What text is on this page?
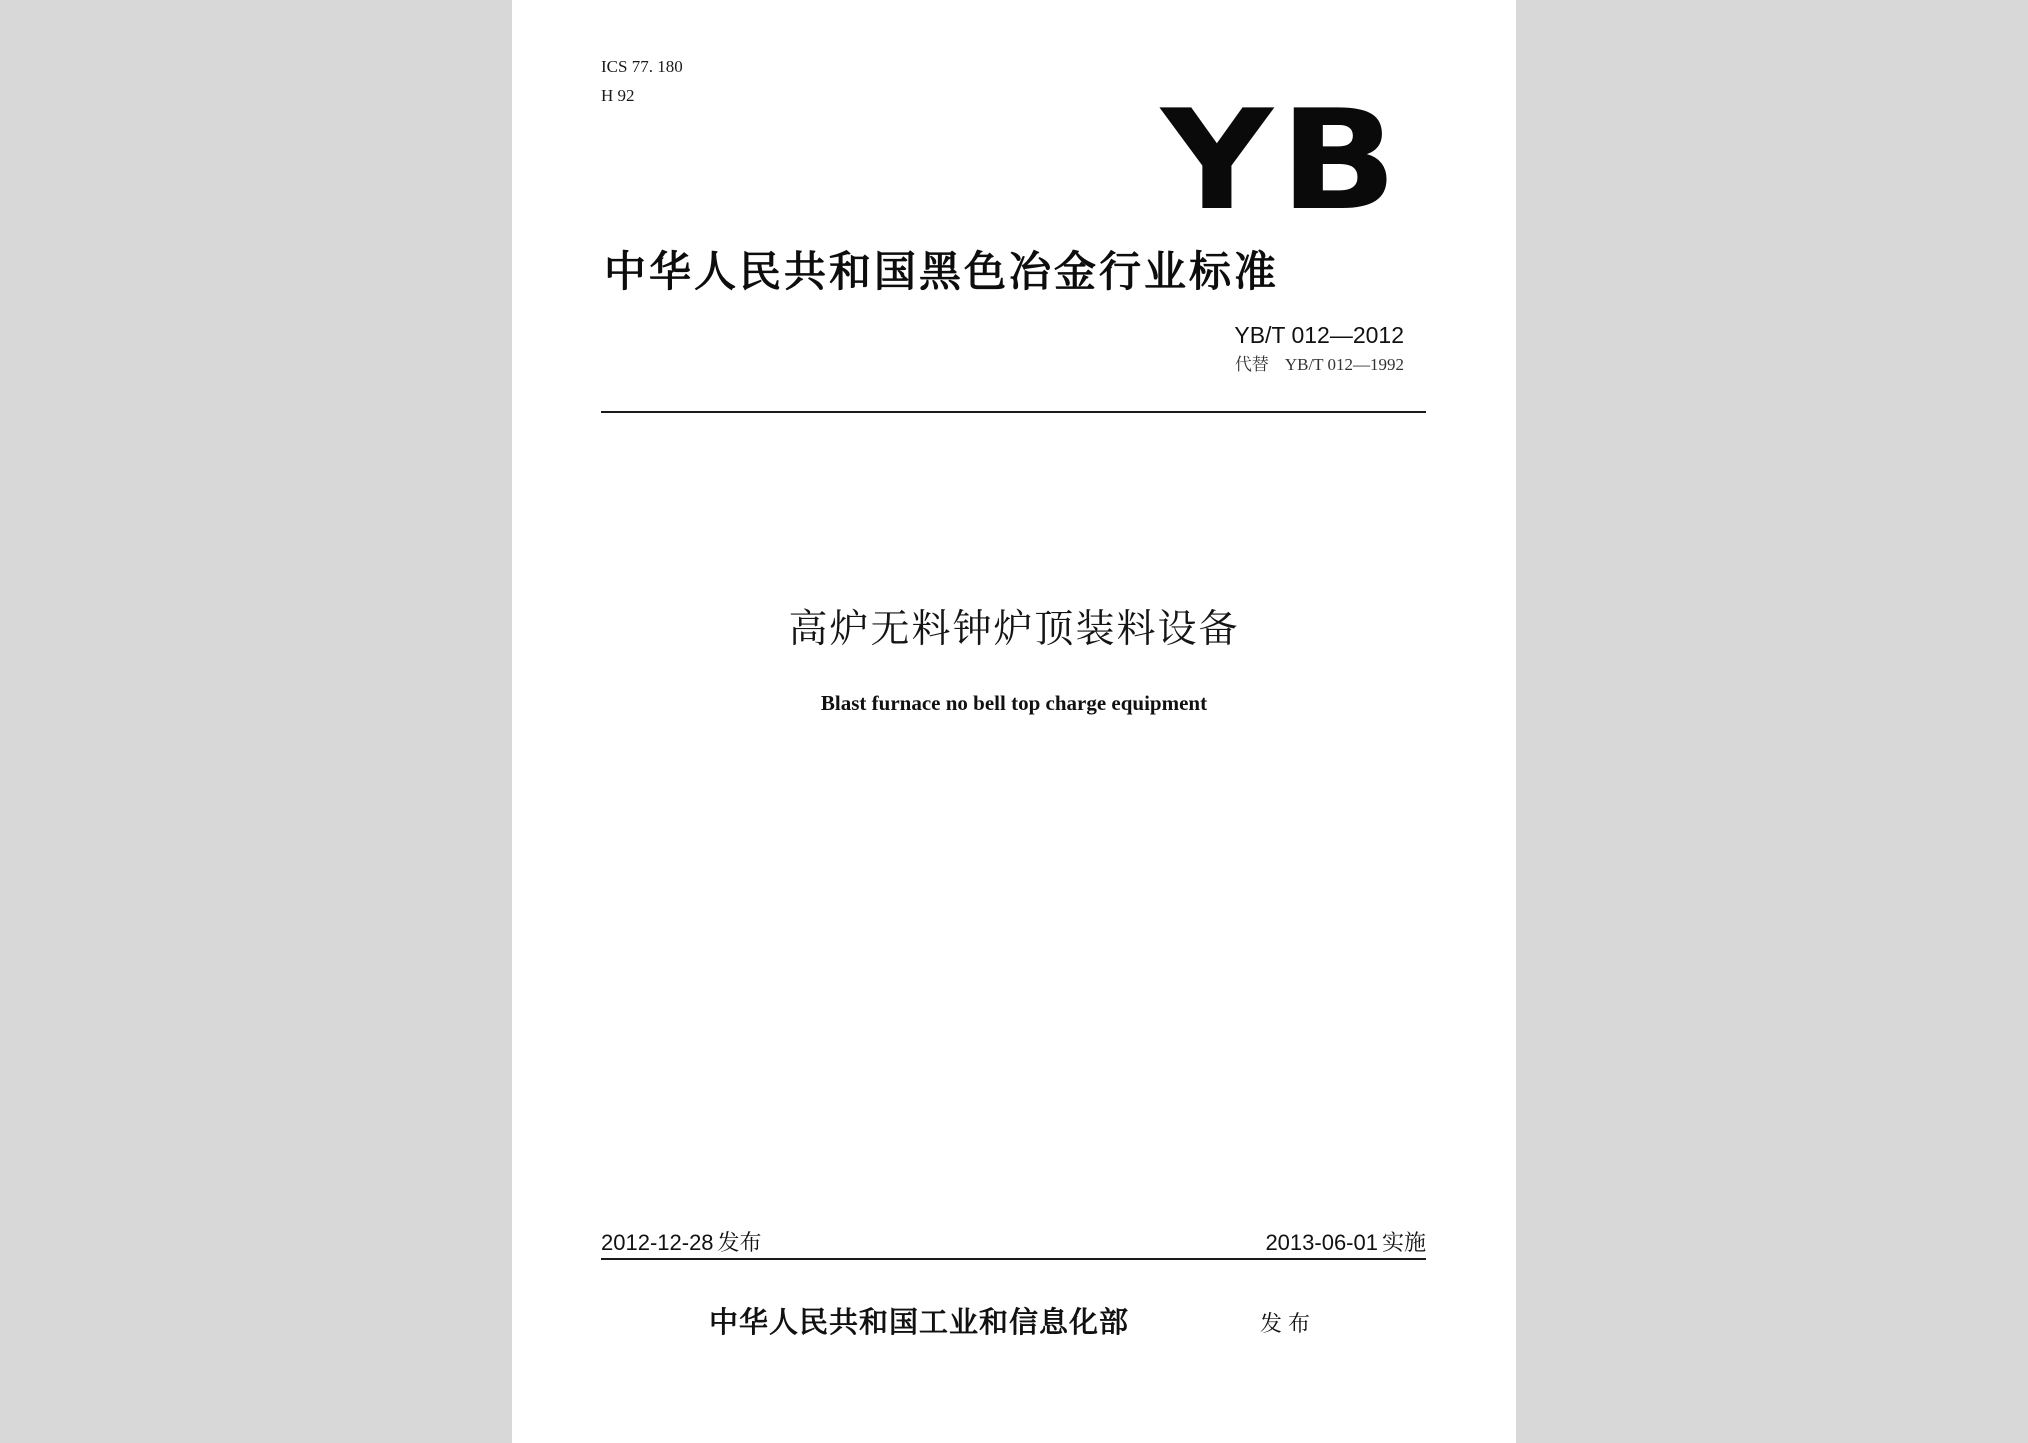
ICS 77. 180
H 92	YB
中华人民共和国黑色冶金行业标准
YB/T 012—2012
代替 YB/T 012—1992
高炉无料钟炉顶装料设备
Blast furnace no bell top charge equipment
2012-12-28 发布	2013-06-01 实施
中华人民共和国工业和信息化部	发布
